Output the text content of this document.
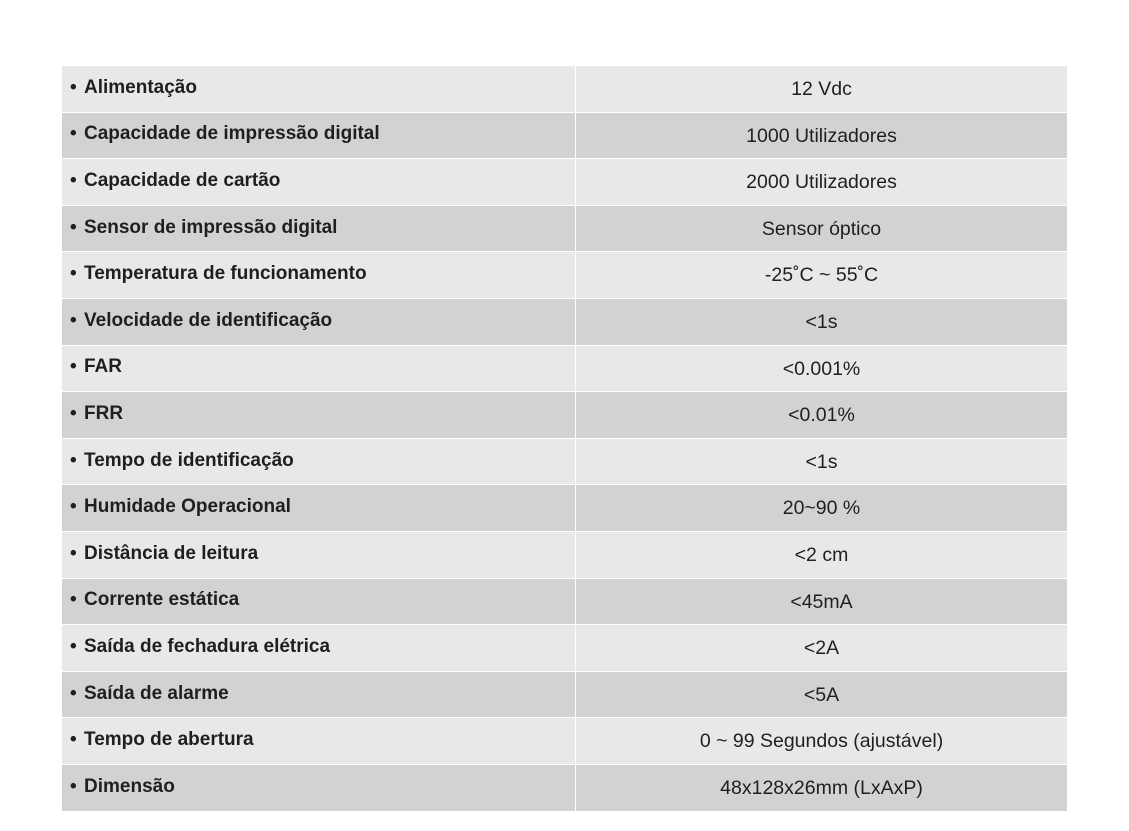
• Alimentação	12 Vdc
• Capacidade de impressão digital	1000 Utilizadores
• Capacidade de cartão	2000 Utilizadores
• Sensor de impressão digital	Sensor óptico
• Temperatura de funcionamento	-25˚C ~ 55˚C
• Velocidade de identificação	<1s
• FAR	<0.001%
• FRR	<0.01%
• Tempo de identificação	<1s
• Humidade Operacional	20~90 %
• Distância de leitura	<2 cm
• Corrente estática	<45mA
• Saída de fechadura elétrica	<2A
• Saída de alarme	<5A
• Tempo de abertura	0 ~ 99 Segundos (ajustável)
• Dimensão	48x128x26mm (LxAxP)
